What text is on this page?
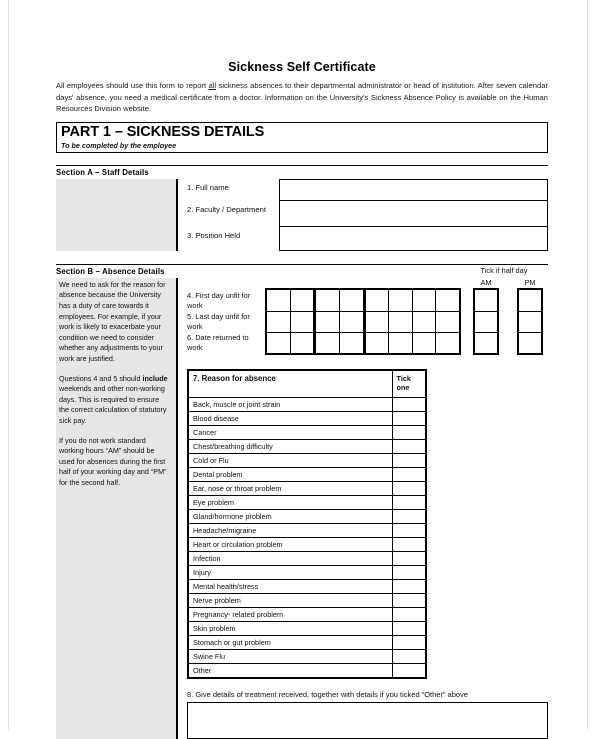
Sickness Self Certificate

All employees should use this form to report all sickness absences to their departmental administrator or head of institution. After seven calendar days' absence, you need a medical certificate from a doctor. Information on the University's Sickness Absence Policy is available on the Human Resources Division website.

PART 1 – SICKNESS DETAILS
To be completed by the employee
Section A – Staff Details
1. Full name
2. Faculty / Department
3. Position Held
Section B – Absence Details

We need to ask for the reason for absence because the University has a duty of care towards it employees. For example, if your work is likely to exacerbate your condition we need to consider whether any adjustments to your work are justified.

Questions 4 and 5 should include weekends and other non-working days. This is required to ensure the correct calculation of statutory sick pay.

If you do not work standard working hours “AM” should be used for absences during the first half of your working day and “PM” for the second half.

4. First day unfit for work
5. Last day unfit for work
6. Date returned to work
Tick if half day
AM	PM
7. Reason for absence	Tick one
Back, muscle or joint strain	
Blood disease	
Cancer	
Chest/breathing difficulty	
Cold or Flu	
Dental problem	
Ear, nose or throat problem	
Eye problem	
Gland/hormone problem	
Headache/migraine	
Heart or circulation problem	
Infection	
Injury	
Mental health/stress	
Nerve problem	
Pregnancy- related problem	
Skin problem	
Stomach or gut problem	
Swine Flu	
Other	
8. Give details of treatment received, together with details if you ticked “Other” above
